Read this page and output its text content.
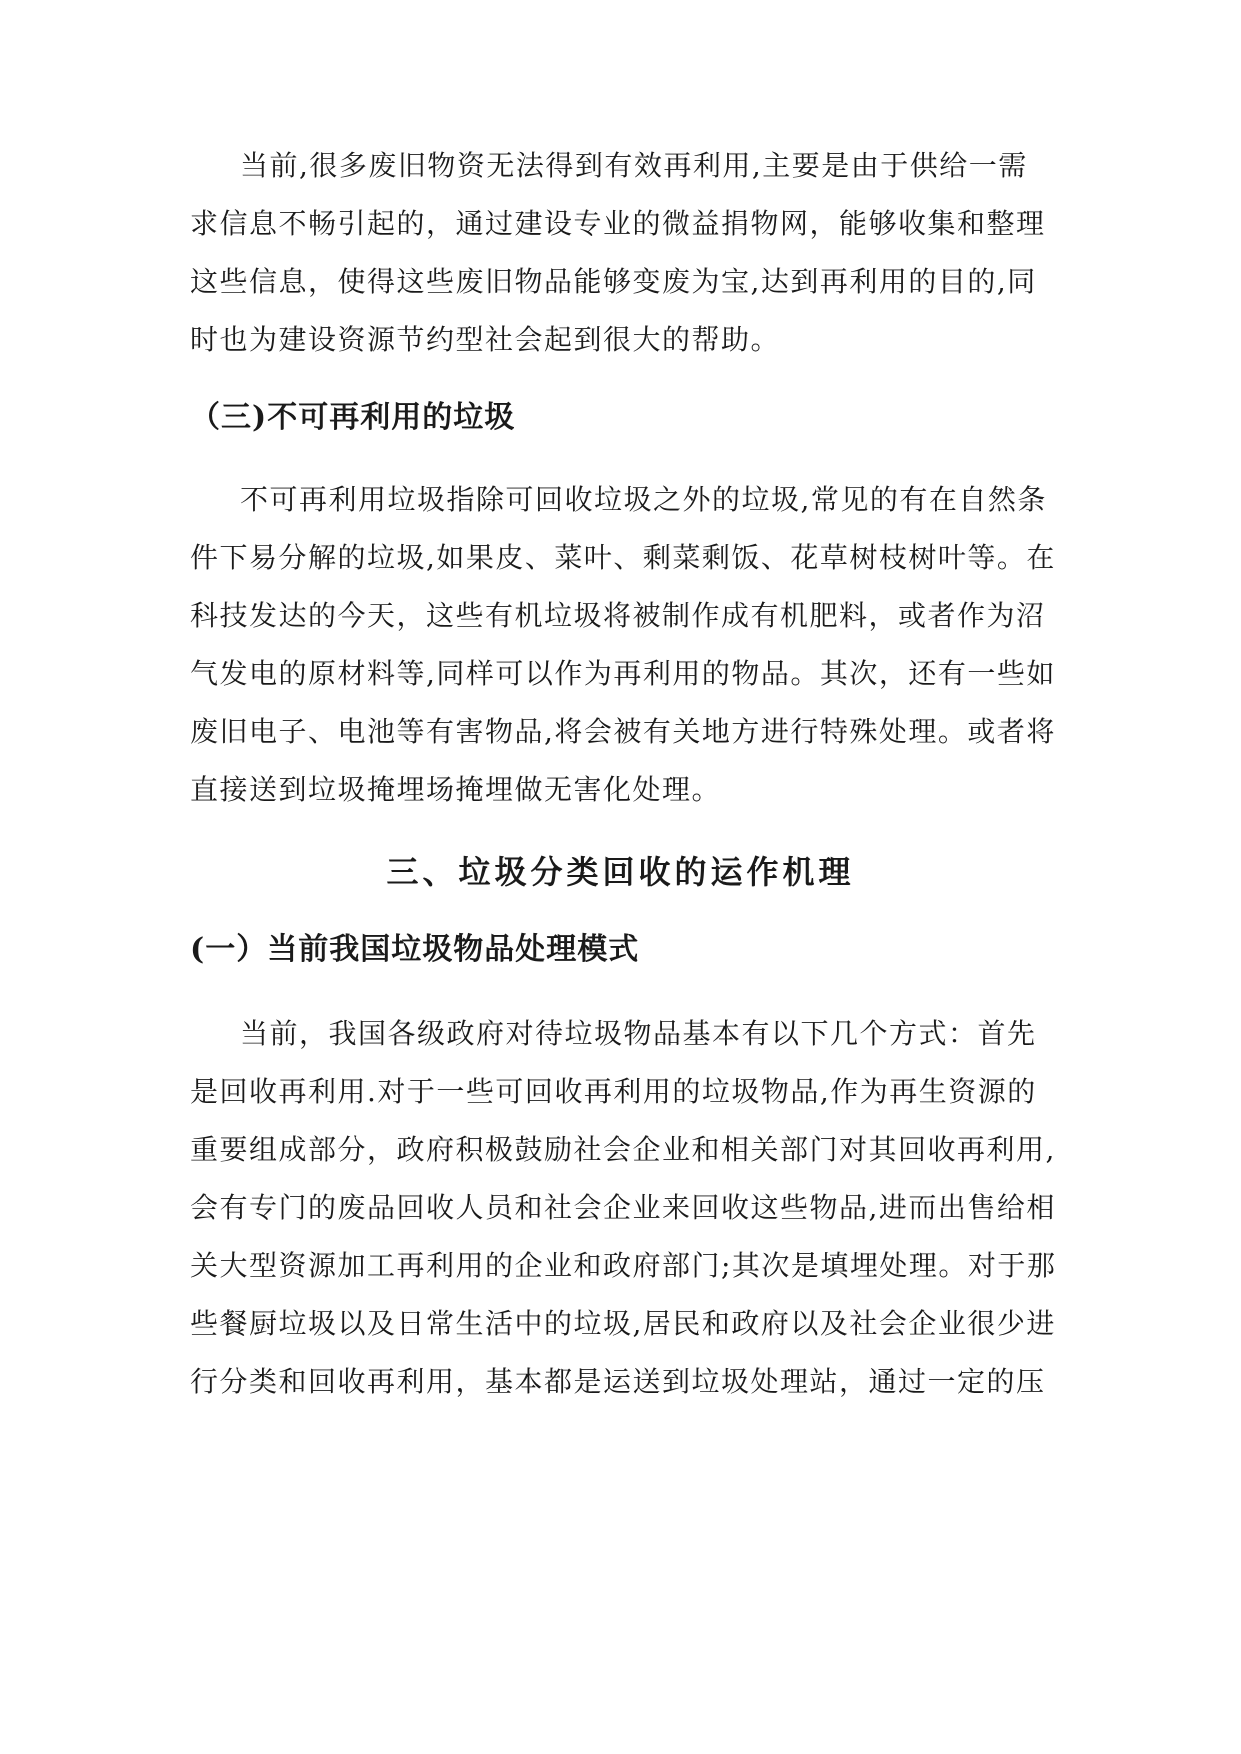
当前,很多废旧物资无法得到有效再利用,主要是由于供给一需
求信息不畅引起的，通过建设专业的微益捐物网，能够收集和整理
这些信息，使得这些废旧物品能够变废为宝,达到再利用的目的,同
时也为建设资源节约型社会起到很大的帮助。
（三)不可再利用的垃圾
不可再利用垃圾指除可回收垃圾之外的垃圾,常见的有在自然条
件下易分解的垃圾,如果皮、菜叶、剩菜剩饭、花草树枝树叶等。在
科技发达的今天，这些有机垃圾将被制作成有机肥料，或者作为沼
气发电的原材料等,同样可以作为再利用的物品。其次，还有一些如
废旧电子、电池等有害物品,将会被有关地方进行特殊处理。或者将
直接送到垃圾掩埋场掩埋做无害化处理。
三、垃圾分类回收的运作机理
(一）当前我国垃圾物品处理模式
当前，我国各级政府对待垃圾物品基本有以下几个方式：首先
是回收再利用.对于一些可回收再利用的垃圾物品,作为再生资源的
重要组成部分，政府积极鼓励社会企业和相关部门对其回收再利用,
会有专门的废品回收人员和社会企业来回收这些物品,进而出售给相
关大型资源加工再利用的企业和政府部门;其次是填埋处理。对于那
些餐厨垃圾以及日常生活中的垃圾,居民和政府以及社会企业很少进
行分类和回收再利用，基本都是运送到垃圾处理站，通过一定的压
